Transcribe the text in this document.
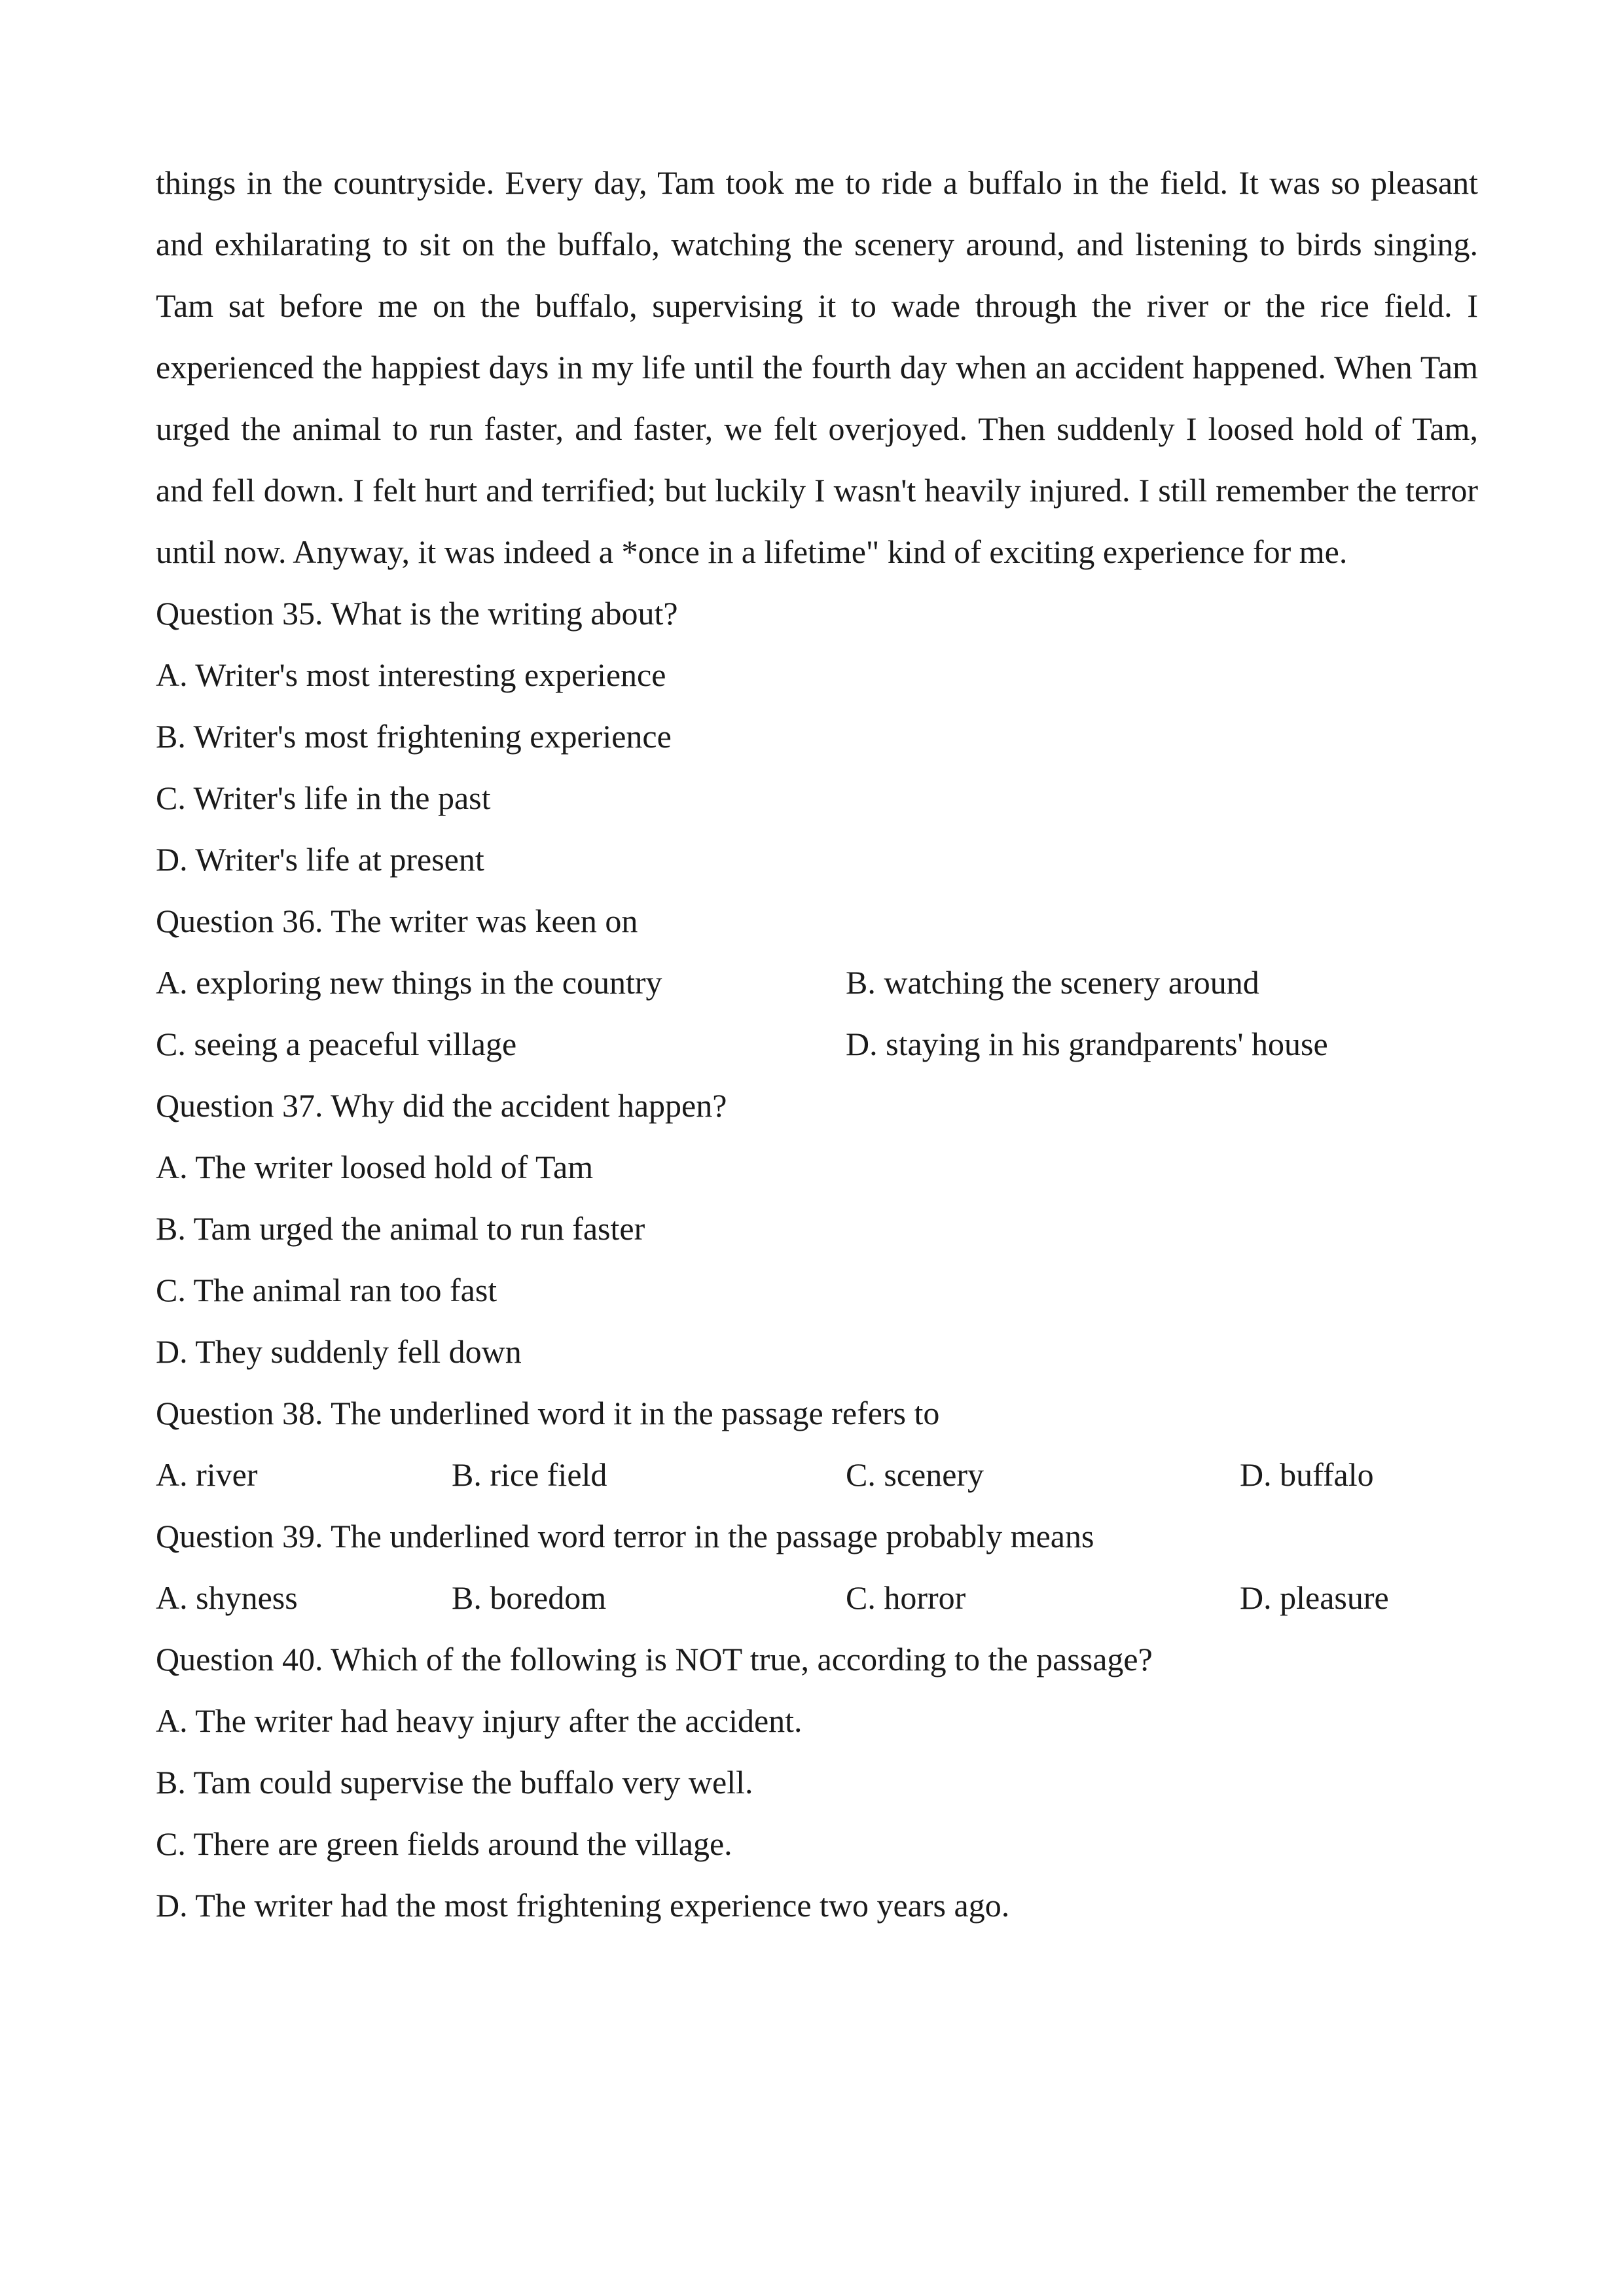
things in the countryside. Every day, Tam took me to ride a buffalo in the field. It was so pleasant and exhilarating to sit on the buffalo, watching the scenery around, and listening to birds singing. Tam sat before me on the buffalo, supervising it to wade through the river or the rice field. I experienced the happiest days in my life until the fourth day when an accident happened. When Tam urged the animal to run faster, and faster, we felt overjoyed. Then suddenly I loosed hold of Tam, and fell down. I felt hurt and terrified; but luckily I wasn't heavily injured. I still remember the terror until now. Anyway, it was indeed a *once in a lifetime" kind of exciting experience for me.

Question 35. What is the writing about?
A. Writer's most interesting experience
B. Writer's most frightening experience
C. Writer's life in the past
D. Writer's life at present
Question 36. The writer was keen on
A. exploring new things in the country	B. watching the scenery around
C. seeing a peaceful village	D. staying in his grandparents' house
Question 37. Why did the accident happen?
A. The writer loosed hold of Tam
B. Tam urged the animal to run faster
C. The animal ran too fast
D. They suddenly fell down
Question 38. The underlined word it in the passage refers to
A. river	B. rice field	C. scenery	D. buffalo
Question 39. The underlined word terror in the passage probably means
A. shyness	B. boredom	C. horror	D. pleasure
Question 40. Which of the following is NOT true, according to the passage?
A. The writer had heavy injury after the accident.
B. Tam could supervise the buffalo very well.
C. There are green fields around the village.
D. The writer had the most frightening experience two years ago.
